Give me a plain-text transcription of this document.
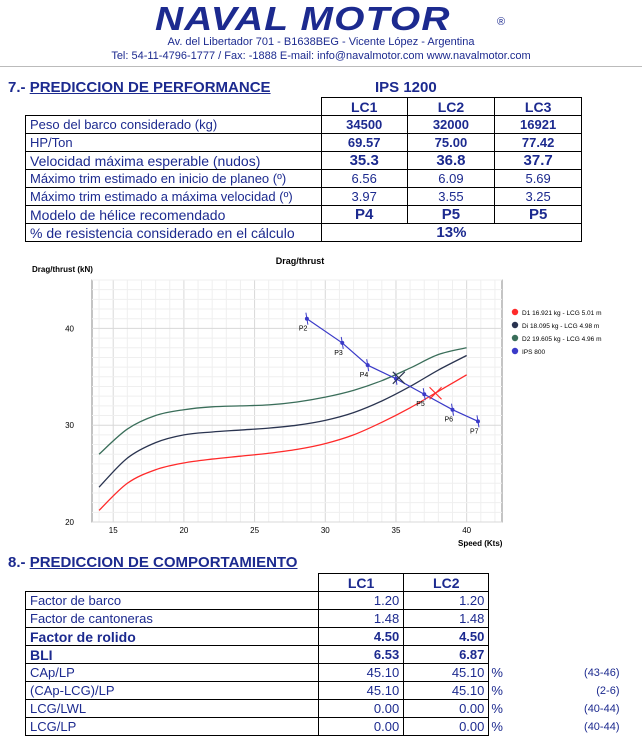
NAVAL MOTOR	®
Av. del Libertador 701 - B1638BEG - Vicente López - Argentina
Tel: 54-11-4796-1777 / Fax: -1888 E-mail: info@navalmotor.com www.navalmotor.com
7.- PREDICCION DE PERFORMANCE	IPS 1200
	LC1	LC2	LC3
Peso del barco considerado (kg)	34500	32000	16921
HP/Ton	69.57	75.00	77.42
Velocidad máxima esperable (nudos)	35.3	36.8	37.7
Máximo trim estimado en inicio de planeo (º)	6.56	6.09	5.69
Máximo trim estimado a máxima velocidad (º)	3.97	3.55	3.25
Modelo de hélice recomendado	P4	P5	P5
% de resistencia considerado en el cálculo	13%		
P2
P3
P4
P5
P6
P7
15	20	25	30	35	40
20
30
40
D1 16.921 kg - LCG 5.01 m
Di 18.095 kg - LCG 4.98 m
D2 19.605 kg - LCG 4.96 m
IPS 800
Drag/thrust
Drag/thrust (kN)
Speed (Kts)
8.- PREDICCION DE COMPORTAMIENTO
	LC1	LC2		
Factor de barco	1.20	1.20		
Factor de cantoneras	1.48	1.48		
Factor de rolido	4.50	4.50		
BLI	6.53	6.87		
CAp/LP	45.10	45.10	%	(43-46)
(CAp-LCG)/LP	45.10	45.10	%	(2-6)
LCG/LWL	0.00	0.00	%	(40-44)
LCG/LP	0.00	0.00	%	(40-44)
